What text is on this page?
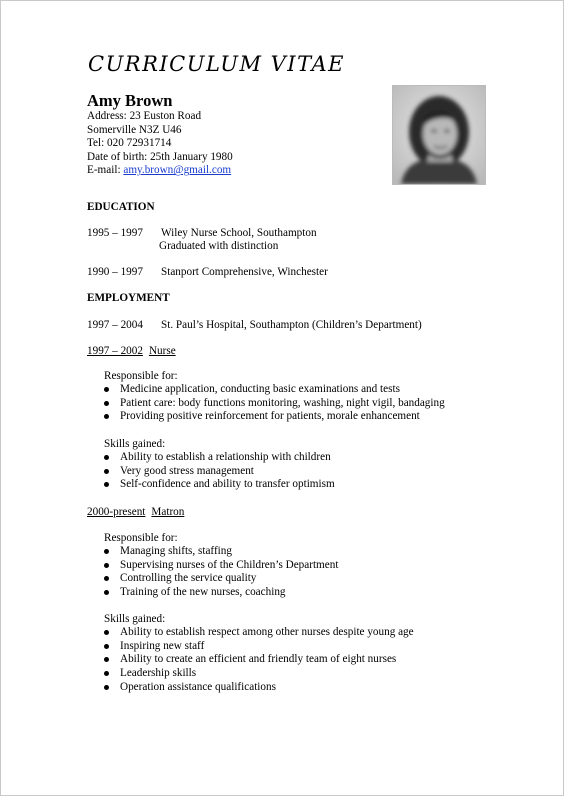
CURRICULUM VITAE
Amy Brown
Address: 23 Euston Road
Somerville N3Z U46
Tel: 020 72931714
Date of birth: 25th January 1980
E-mail: amy.brown@gmail.com
EDUCATION
1995 – 1997 Wiley Nurse School, Southampton
Graduated with distinction
1990 – 1997 Stanport Comprehensive, Winchester
EMPLOYMENT
1997 – 2004 St. Paul’s Hospital, Southampton (Children’s Department)
1997 – 2002 Nurse
Responsible for:
Medicine application, conducting basic examinations and tests
Patient care: body functions monitoring, washing, night vigil, bandaging
Providing positive reinforcement for patients, morale enhancement
Skills gained:
Ability to establish a relationship with children
Very good stress management
Self-confidence and ability to transfer optimism
2000-present Matron
Responsible for:
Managing shifts, staffing
Supervising nurses of the Children’s Department
Controlling the service quality
Training of the new nurses, coaching
Skills gained:
Ability to establish respect among other nurses despite young age
Inspiring new staff
Ability to create an efficient and friendly team of eight nurses
Leadership skills
Operation assistance qualifications
